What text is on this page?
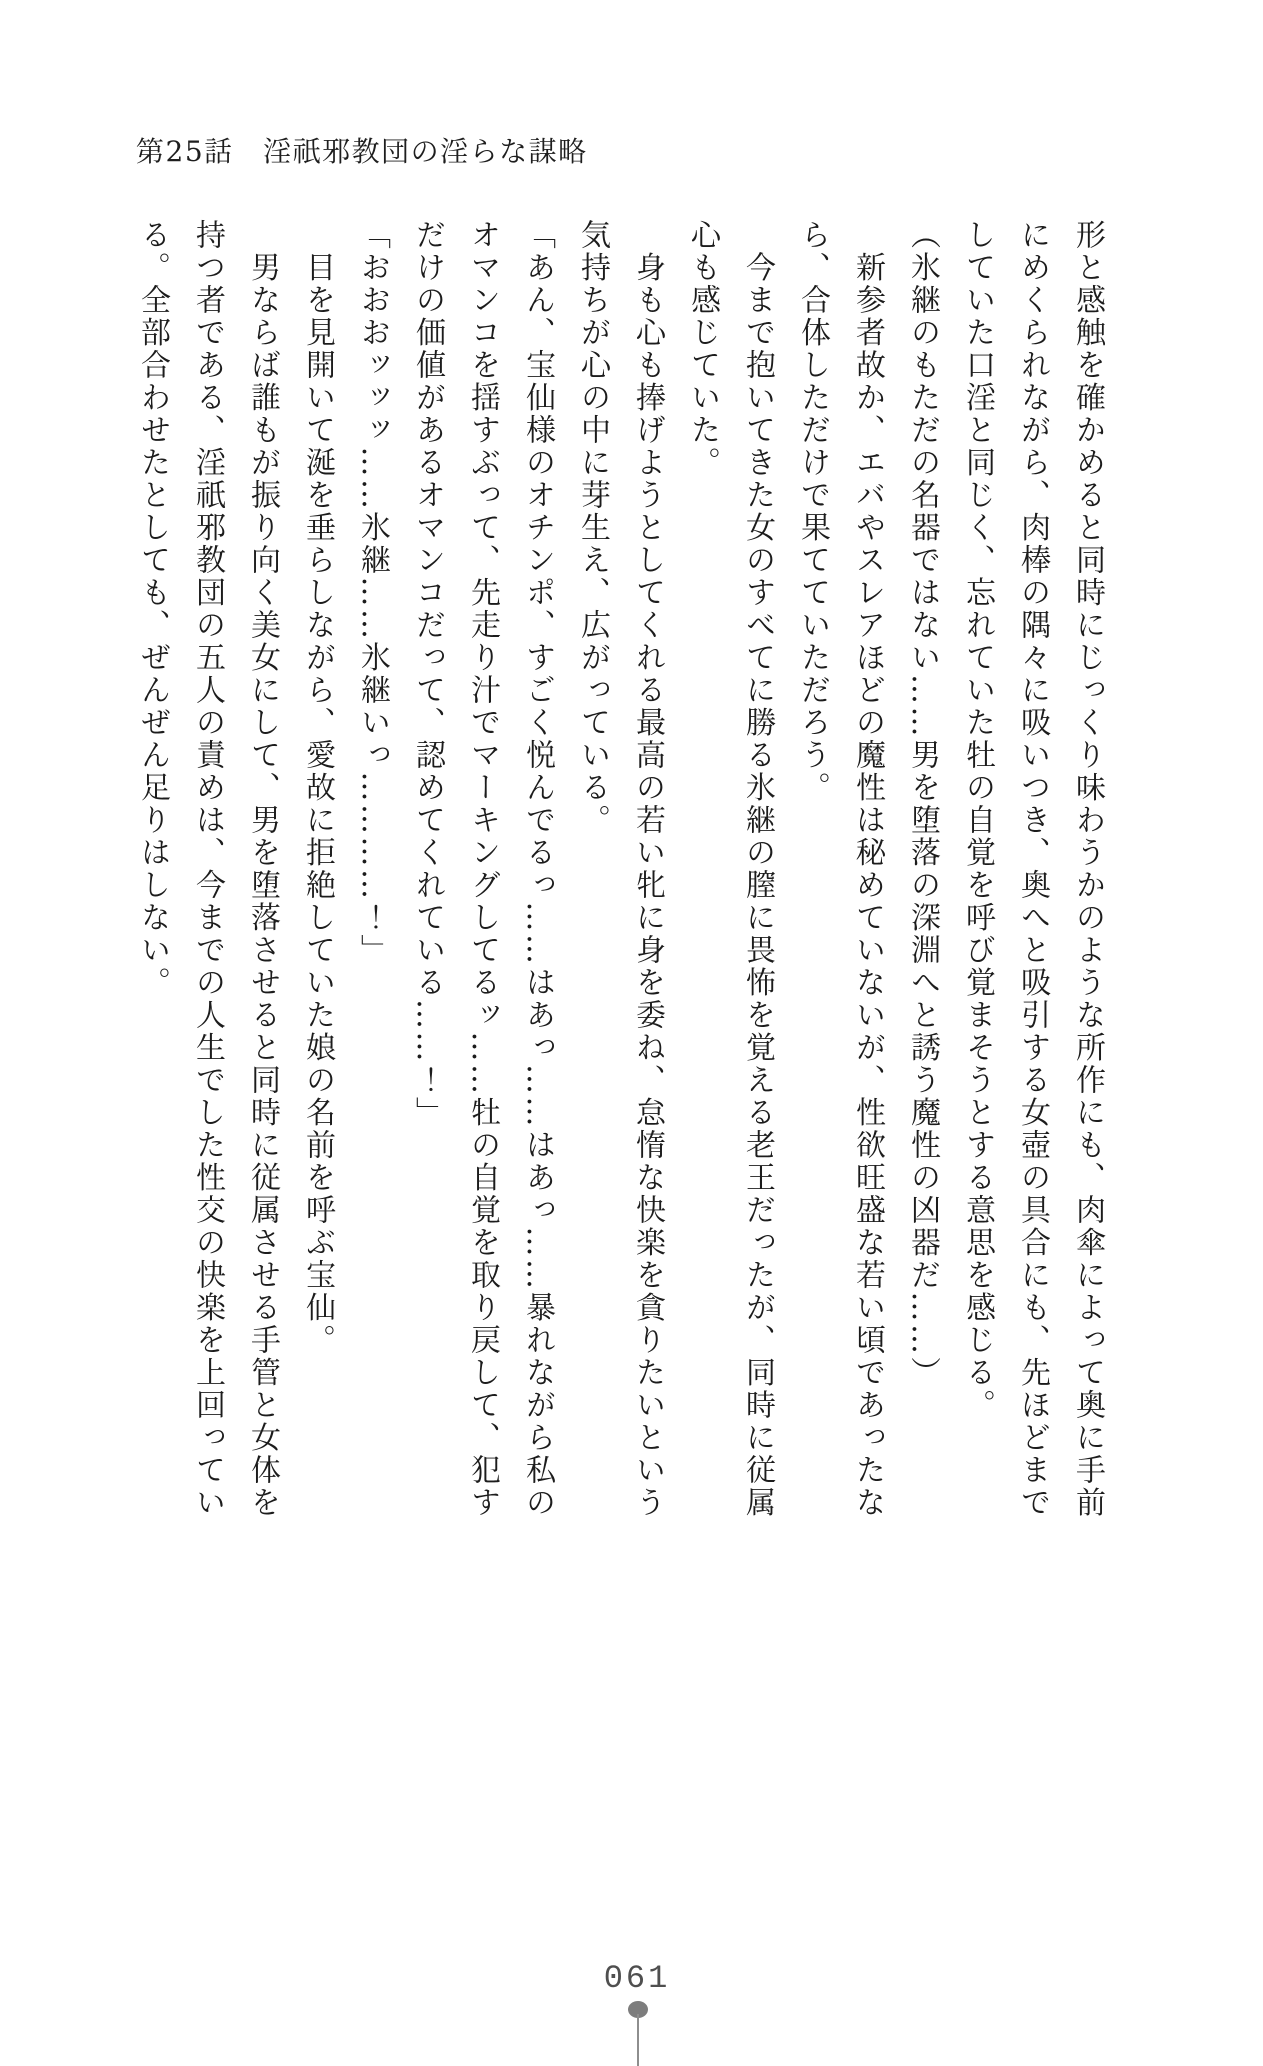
第25話　淫祇邪教団の淫らな謀略

形と感触を確かめると同時にじっくり味わうかのような所作にも、肉傘によって奥に手前

にめくられながら、肉棒の隅々に吸いつき、奥へと吸引する女壺の具合にも、先ほどまで

していた口淫と同じく、忘れていた牡の自覚を呼び覚まそうとする意思を感じる。

（氷継のもただの名器ではない……男を堕落の深淵へと誘う魔性の凶器だ……）

　新参者故か、エバやスレアほどの魔性は秘めていないが、性欲旺盛な若い頃であったな

ら、合体しただけで果てていただろう。

　今まで抱いてきた女のすべてに勝る氷継の膣に畏怖を覚える老王だったが、同時に従属

心も感じていた。

　身も心も捧げようとしてくれる最高の若い牝に身を委ね、怠惰な快楽を貪りたいという

気持ちが心の中に芽生え、広がっている。

「あん、宝仙様のオチンポ、すごく悦んでるっ……はあっ……はあっ……暴れながら私の

オマンコを揺すぶって、先走り汁でマーキングしてるッ……牡の自覚を取り戻して、犯す

だけの価値があるオマンコだって、認めてくれている……！」

「おおおッッッ……氷継……氷継いっ…………！」

　目を見開いて涎を垂らしながら、愛故に拒絶していた娘の名前を呼ぶ宝仙。

　男ならば誰もが振り向く美女にして、男を堕落させると同時に従属させる手管と女体を

持つ者である、淫祇邪教団の五人の責めは、今までの人生でした性交の快楽を上回ってい

る。全部合わせたとしても、ぜんぜん足りはしない。

061
